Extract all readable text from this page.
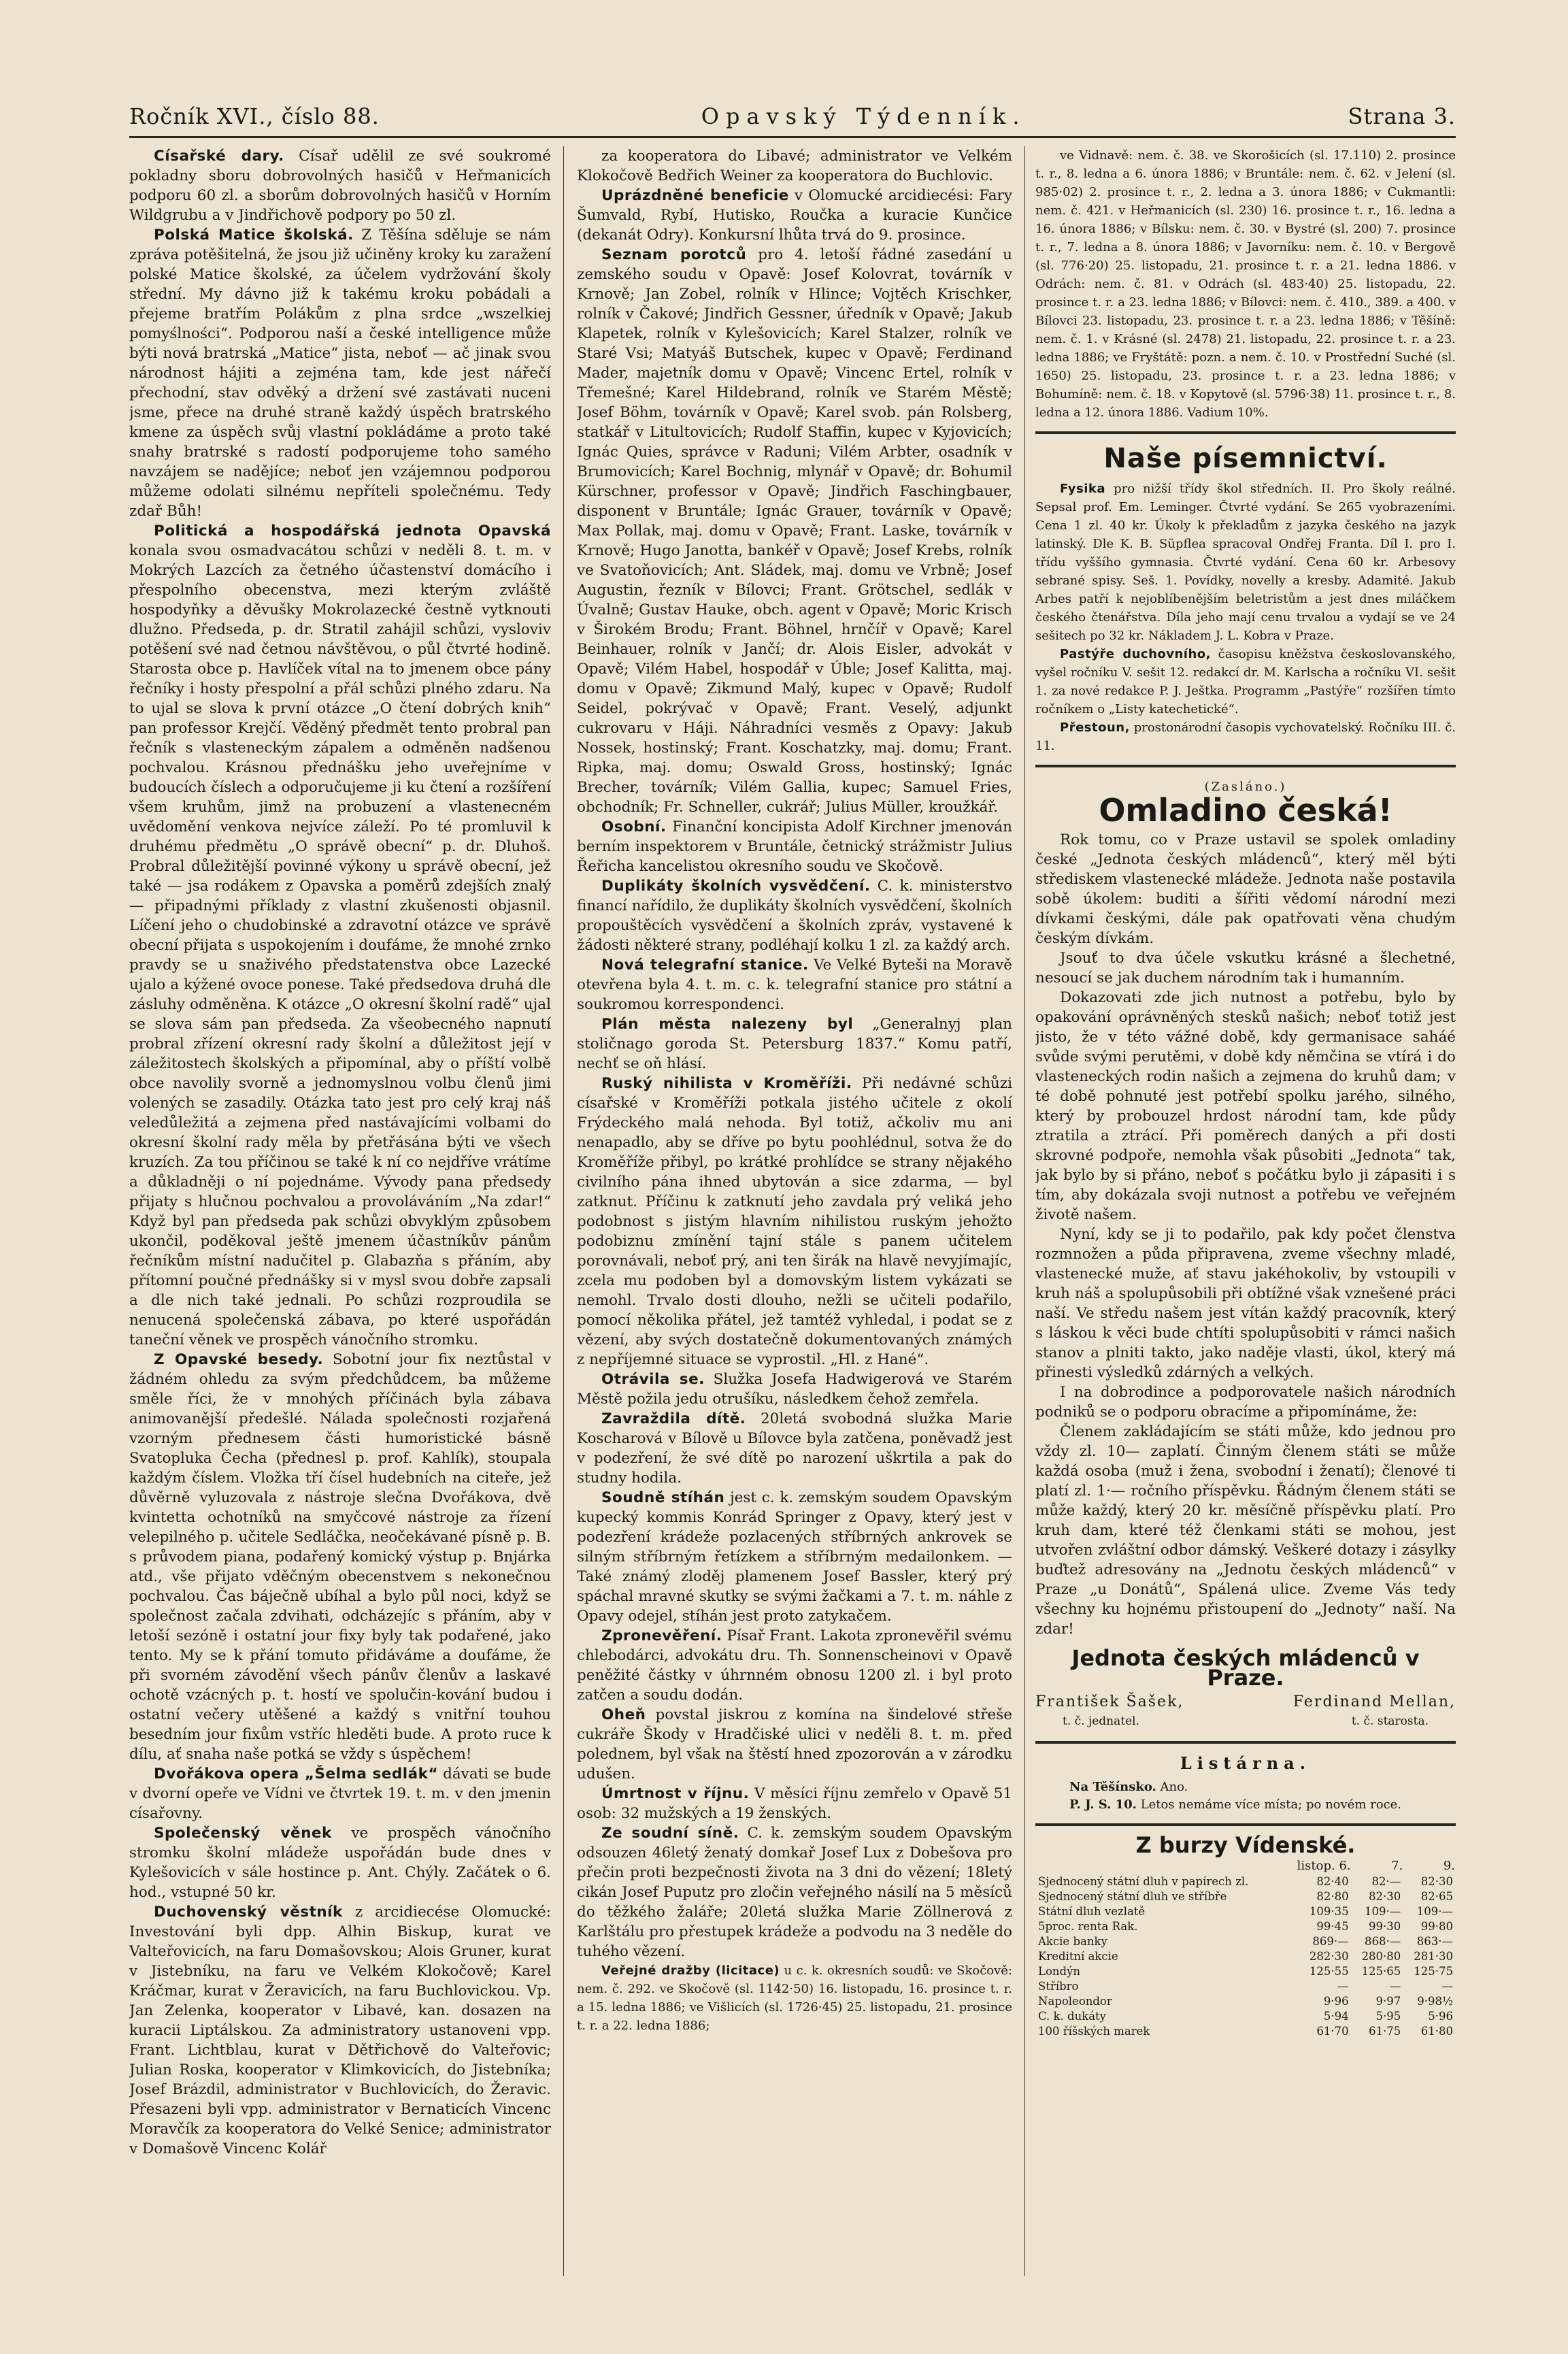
Ročník XVI., číslo 88.	Opavský Týdenník.	Strana 3.

Císařské dary. Císař udělil ze své soukromé pokladny sboru dobrovolných hasičů v Heřmanicích podporu 60 zl. a sborům dobrovolných hasičů v Horním Wildgrubu a v Jindřichově podpory po 50 zl.

Polská Matice školská. Z Těšína sděluje se nám zpráva potěšitelná, že jsou již učiněny kroky ku zaražení polské Matice školské, za účelem vydržování školy střední. My dávno již k takému kroku pobádali a přejeme bratřím Polákům z plna srdce „wszelkiej pomyślności“. Podporou naší a české intelligence může býti nová bratrská „Matice“ jista, neboť — ač jinak svou národnost hájiti a zejména tam, kde jest nářečí přechodní, stav odvěký a držení své zastávati nuceni jsme, přece na druhé straně každý úspěch bratrského kmene za úspěch svůj vlastní pokládáme a proto také snahy bratrské s radostí podporujeme toho samého navzájem se nadějíce; neboť jen vzájemnou podporou můžeme odolati silnému nepříteli společnému. Tedy zdař Bůh!

Politická a hospodářská jednota Opavská konala svou osmadvacátou schůzi v neděli 8. t. m. v Mokrých Lazcích za četného účastenství domácího i přespolního obecenstva, mezi kterým zvláště hospodyňky a děvušky Mokrolazecké čestně vytknouti dlužno. Předseda, p. dr. Stratil zahájil schůzi, vysloviv potěšení své nad četnou návštěvou, o půl čtvrté hodině. Starosta obce p. Havlíček vítal na to jmenem obce pány řečníky i hosty přespolní a přál schůzi plného zdaru. Na to ujal se slova k první otázce „O čtení dobrých knih“ pan professor Krejčí. Věděný předmět tento probral pan řečník s vlasteneckým zápalem a odměněn nadšenou pochvalou. Krásnou přednášku jeho uveřejníme v budoucích číslech a odporučujeme ji ku čtení a rozšíření všem kruhům, jimž na probuzení a vlastenecném uvědomění venkova nejvíce záleží. Po té promluvil k druhému předmětu „O správě obecní“ p. dr. Dluhoš. Probral důležitější povinné výkony u správě obecní, jež také — jsa rodákem z Opavska a poměrů zdejších znalý — připadnými příklady z vlastní zkušenosti objasnil. Líčení jeho o chudobinské a zdravotní otázce ve správě obecní přijata s uspokojením i doufáme, že mnohé zrnko pravdy se u snaživého předstatenstva obce Lazecké ujalo a kýžené ovoce ponese. Také předsedova druhá dle zásluhy odměněna. K otázce „O okresní školní radě“ ujal se slova sám pan předseda. Za všeobecného napnutí probral zřízení okresní rady školní a důležitost její v záležitostech školských a připomínal, aby o příští volbě obce navolily svorně a jednomyslnou volbu členů jimi volených se zasadily. Otázka tato jest pro celý kraj náš veledůležitá a zejmena před nastávajícími volbami do okresní školní rady měla by přetřásána býti ve všech kruzích. Za tou příčinou se také k ní co nejdříve vrátíme a důkladněji o ní pojednáme. Vývody pana předsedy přijaty s hlučnou pochvalou a provoláváním „Na zdar!“ Když byl pan předseda pak schůzi obvyklým způsobem ukončil, poděkoval ještě jmenem účastníkův pánům řečníkům místní nadučitel p. Glabazňa s přáním, aby přítomní poučné přednášky si v mysl svou dobře zapsali a dle nich také jednali. Po schůzi rozproudila se nenucená společenská zábava, po které uspořádán taneční věnek ve prospěch vánočního stromku.

Z Opavské besedy. Sobotní jour fix neztůstal v žádném ohledu za svým předchůdcem, ba můžeme směle říci, že v mnohých příčinách byla zábava animovanější předešlé. Nálada společnosti rozjařená vzorným přednesem části humoristické básně Svatopluka Čecha (přednesl p. prof. Kahlík), stoupala každým číslem. Vložka tří čísel hudebních na citeře, jež důvěrně vyluzovala z nástroje slečna Dvořákova, dvě kvintetta ochotníků na smyčcové nástroje za řízení velepilného p. učitele Sedláčka, neočekávané písně p. B. s průvodem piana, podařený komický výstup p. Bnjárka atd., vše přijato vděčným obecenstvem s nekonečnou pochvalou. Čas báječně ubíhal a bylo půl noci, když se společnost začala zdvihati, odcházejíc s přáním, aby v letoší sezóně i ostatní jour fixy byly tak podařené, jako tento. My se k přání tomuto přidáváme a doufáme, že při svorném závodění všech pánův členův a laskavé ochotě vzácných p. t. hostí ve spolučin-kování budou i ostatní večery utěšené a každý s vnitřní touhou besedním jour fixům vstříc hleděti bude. A proto ruce k dílu, ať snaha naše potká se vždy s úspěchem!

Dvořákova opera „Šelma sedlák“ dávati se bude v dvorní opeře ve Vídni ve čtvrtek 19. t. m. v den jmenin císařovny.

Společenský věnek ve prospěch vánočního stromku školní mládeže uspořádán bude dnes v Kylešovicích v sále hostince p. Ant. Chýly. Začátek o 6. hod., vstupné 50 kr.

Duchovenský věstník z arcidiecése Olomucké: Investování byli dpp. Alhin Biskup, kurat ve Valteřovicích, na faru Domašovskou; Alois Gruner, kurat v Jistebníku, na faru ve Velkém Klokočově; Karel Kráčmar, kurat v Žeravicích, na faru Buchlovickou. Vp. Jan Zelenka, kooperator v Libavé, kan. dosazen na kuracii Liptálskou. Za administratory ustanoveni vpp. Frant. Lichtblau, kurat v Dětřichově do Valteřovic; Julian Roska, kooperator v Klimkovicích, do Jistebníka; Josef Brázdil, administrator v Buchlovicích, do Žeravic. Přesazeni byli vpp. administrator v Bernaticích Vincenc Moravčík za kooperatora do Velké Senice; administrator v Domašově Vincenc Kolář

za kooperatora do Libavé; administrator ve Velkém Klokočově Bedřich Weiner za kooperatora do Buchlovic.

Uprázdněné beneficie v Olomucké arcidiecési: Fary Šumvald, Rybí, Hutisko, Roučka a kuracie Kunčice (dekanát Odry). Konkursní lhůta trvá do 9. prosince.

Seznam porotců pro 4. letoší řádné zasedání u zemského soudu v Opavě: Josef Kolovrat, továrník v Krnově; Jan Zobel, rolník v Hlince; Vojtěch Krischker, rolník v Čakové; Jindřich Gessner, úředník v Opavě; Jakub Klapetek, rolník v Kylešovicích; Karel Stalzer, rolník ve Staré Vsi; Matyáš Butschek, kupec v Opavě; Ferdinand Mader, majetník domu v Opavě; Vincenc Ertel, rolník v Třemešné; Karel Hildebrand, rolník ve Starém Městě; Josef Böhm, továrník v Opavě; Karel svob. pán Rolsberg, statkář v Litultovicích; Rudolf Staffin, kupec v Kyjovicích; Ignác Quies, správce v Raduni; Vilém Arbter, osadník v Brumovicích; Karel Bochnig, mlynář v Opavě; dr. Bohumil Kürschner, professor v Opavě; Jindřich Faschingbauer, disponent v Bruntále; Ignác Grauer, továrník v Opavě; Max Pollak, maj. domu v Opavě; Frant. Laske, továrník v Krnově; Hugo Janotta, bankéř v Opavě; Josef Krebs, rolník ve Svatoňovicích; Ant. Sládek, maj. domu ve Vrbně; Josef Augustin, řezník v Bílovci; Frant. Grötschel, sedlák v Úvalně; Gustav Hauke, obch. agent v Opavě; Moric Krisch v Širokém Brodu; Frant. Böhnel, hrnčíř v Opavě; Karel Beinhauer, rolník v Jančí; dr. Alois Eisler, advokát v Opavě; Vilém Habel, hospodář v Úble; Josef Kalitta, maj. domu v Opavě; Zikmund Malý, kupec v Opavě; Rudolf Seidel, pokrývač v Opavě; Frant. Veselý, adjunkt cukrovaru v Háji. Náhradníci vesměs z Opavy: Jakub Nossek, hostinský; Frant. Koschatzky, maj. domu; Frant. Ripka, maj. domu; Oswald Gross, hostinský; Ignác Brecher, továrník; Vilém Gallia, kupec; Samuel Fries, obchodník; Fr. Schneller, cukrář; Julius Müller, kroužkář.

Osobní. Finanční koncipista Adolf Kirchner jmenován berním inspektorem v Bruntále, četnický strážmistr Julius Řeřicha kancelistou okresního soudu ve Skočově.

Duplikáty školních vysvědčení. C. k. ministerstvo financí nařídilo, že duplikáty školních vysvědčení, školních propouštěcích vysvědčení a školních zpráv, vystavené k žádosti některé strany, podléhají kolku 1 zl. za každý arch.

Nová telegrafní stanice. Ve Velké Byteši na Moravě otevřena byla 4. t. m. c. k. telegrafní stanice pro státní a soukromou korrespondenci.

Plán města nalezeny byl „Generalnyj plan stoličnago goroda St. Petersburg 1837.“ Komu patří, nechť se oň hlásí.

Ruský nihilista v Kroměříži. Při nedávné schůzi císařské v Kroměříži potkala jistého učitele z okolí Frýdeckého malá nehoda. Byl totiž, ačkoliv mu ani nenapadlo, aby se dříve po bytu poohlédnul, sotva že do Kroměříže přibyl, po krátké prohlídce se strany nějakého civilního pána ihned ubytován a sice zdarma, — byl zatknut. Příčinu k zatknutí jeho zavdala prý veliká jeho podobnost s jistým hlavním nihilistou ruským jehožto podobiznu zmínění tajní stále s panem učitelem porovnávali, neboť prý, ani ten širák na hlavě nevyjímajíc, zcela mu podoben byl a domovským listem vykázati se nemohl. Trvalo dosti dlouho, nežli se učiteli podařilo, pomocí několika přátel, jež tamtéž vyhledal, i podat se z vězení, aby svých dostatečně dokumentovaných známých z nepříjemné situace se vyprostil. „Hl. z Hané“.

Otrávila se. Služka Josefa Hadwigerová ve Starém Městě požila jedu otrušíku, následkem čehož zemřela.

Zavraždila dítě. 20letá svobodná služka Marie Koscharová v Bílově u Bílovce byla zatčena, poněvadž jest v podezření, že své dítě po narození uškrtila a pak do studny hodila.

Soudně stíhán jest c. k. zemským soudem Opavským kupecký kommis Konrád Springer z Opavy, který jest v podezření krádeže pozlacených stříbrných ankrovek se silným stříbrným řetízkem a stříbrným medailonkem. — Také známý zloděj plamenem Josef Bassler, který prý spáchal mravné skutky se svými žačkami a 7. t. m. náhle z Opavy odejel, stíhán jest proto zatykačem.

Zpronevěření. Písař Frant. Lakota zpronevěřil svému chlebodárci, advokátu dru. Th. Sonnenscheinovi v Opavě peněžité částky v úhrnném obnosu 1200 zl. i byl proto zatčen a soudu dodán.

Oheň povstal jiskrou z komína na šindelové střeše cukráře Škody v Hradčiské ulici v neděli 8. t. m. před polednem, byl však na štěstí hned zpozorován a v zárodku udušen.

Úmrtnost v říjnu. V měsíci říjnu zemřelo v Opavě 51 osob: 32 mužských a 19 ženských.

Ze soudní síně. C. k. zemským soudem Opavským odsouzen 46letý ženatý domkař Josef Lux z Dobešova pro přečin proti bezpečnosti života na 3 dni do vězení; 18letý cikán Josef Puputz pro zločin veřejného násilí na 5 měsíců do těžkého žaláře; 20letá služka Marie Zöllnerová z Karlštálu pro přestupek krádeže a podvodu na 3 neděle do tuhého vězení.

Veřejné dražby (licitace) u c. k. okresních soudů: ve Skočově: nem. č. 292. ve Skočově (sl. 1142·50) 16. listopadu, 16. prosince t. r. a 15. ledna 1886; ve Višlicích (sl. 1726·45) 25. listopadu, 21. prosince t. r. a 22. ledna 1886;

ve Vidnavě: nem. č. 38. ve Skorošicích (sl. 17.110) 2. prosince t. r., 8. ledna a 6. února 1886; v Bruntále: nem. č. 62. v Jelení (sl. 985·02) 2. prosince t. r., 2. ledna a 3. února 1886; v Cukmantli: nem. č. 421. v Heřmanicích (sl. 230) 16. prosince t. r., 16. ledna a 16. února 1886; v Bílsku: nem. č. 30. v Bystré (sl. 200) 7. prosince t. r., 7. ledna a 8. února 1886; v Javorníku: nem. č. 10. v Bergově (sl. 776·20) 25. listopadu, 21. prosince t. r. a 21. ledna 1886. v Odrách: nem. č. 81. v Odrách (sl. 483·40) 25. listopadu, 22. prosince t. r. a 23. ledna 1886; v Bílovci: nem. č. 410., 389. a 400. v Bílovci 23. listopadu, 23. prosince t. r. a 23. ledna 1886; v Těšíně: nem. č. 1. v Krásné (sl. 2478) 21. listopadu, 22. prosince t. r. a 23. ledna 1886; ve Fryštátě: pozn. a nem. č. 10. v Prostřední Suché (sl. 1650) 25. listopadu, 23. prosince t. r. a 23. ledna 1886; v Bohumíně: nem. č. 18. v Kopytově (sl. 5796·38) 11. prosince t. r., 8. ledna a 12. února 1886. Vadium 10%.

Naše písemnictví.

Fysika pro nižší třídy škol středních. II. Pro školy reálné. Sepsal prof. Em. Leminger. Čtvrté vydání. Se 265 vyobrazeními. Cena 1 zl. 40 kr. Úkoly k překladům z jazyka českého na jazyk latinský. Dle K. B. Süpflea spracoval Ondřej Franta. Díl I. pro I. třídu vyššího gymnasia. Čtvrté vydání. Cena 60 kr. Arbesovy sebrané spisy. Seš. 1. Povídky, novelly a kresby. Adamité. Jakub Arbes patří k nejoblíbenějším beletristům a jest dnes miláčkem českého čtenářstva. Díla jeho mají cenu trvalou a vydají se ve 24 sešitech po 32 kr. Nákladem J. L. Kobra v Praze.

Pastýře duchovního, časopisu kněžstva českoslovanského, vyšel ročníku V. sešit 12. redakcí dr. M. Karlscha a ročníku VI. sešit 1. za nové redakce P. J. Ještka. Programm „Pastýře“ rozšířen tímto ročníkem o „Listy katechetické“.

Přestoun, prostonárodní časopis vychovatelský. Ročníku III. č. 11.

(Zasláno.)
Omladino česká!

Rok tomu, co v Praze ustavil se spolek omladiny české „Jednota českých mládenců“, který měl býti střediskem vlastenecké mládeže. Jednota naše postavila sobě úkolem: buditi a šířiti vědomí národní mezi dívkami českými, dále pak opatřovati věna chudým českým dívkám.

Jsouť to dva účele vskutku krásné a šlechetné, nesoucí se jak duchem národním tak i humanním.

Dokazovati zde jich nutnost a potřebu, bylo by opakování oprávněných stesků našich; neboť totiž jest jisto, že v této vážné době, kdy germanisace saháé svůde svými perutěmi, v době kdy němčina se vtírá i do vlasteneckých rodin našich a zejmena do kruhů dam; v té době pohnuté jest potřebí spolku jarého, silného, který by probouzel hrdost národní tam, kde půdy ztratila a ztrácí. Při poměrech daných a při dosti skrovné podpoře, nemohla však působiti „Jednota“ tak, jak bylo by si přáno, neboť s počátku bylo ji zápasiti i s tím, aby dokázala svoji nutnost a potřebu ve veřejném životě našem.

Nyní, kdy se ji to podařilo, pak kdy počet členstva rozmnožen a půda připravena, zveme všechny mladé, vlastenecké muže, ať stavu jakéhokoliv, by vstoupili v kruh náš a spolupůsobili při obtížné však vznešené práci naší. Ve středu našem jest vítán každý pracovník, který s láskou k věci bude chtíti spolupůsobiti v rámci našich stanov a plniti takto, jako naděje vlasti, úkol, který má přinesti výsledků zdárných a velkých.

I na dobrodince a podporovatele našich národních podniků se o podporu obracíme a připomínáme, že:

Členem zakládajícím se státi může, kdo jednou pro vždy zl. 10— zaplatí. Činným členem státi se může každá osoba (muž i žena, svobodní i ženatí); členové ti platí zl. 1·— ročního příspěvku. Řádným členem státi se může každý, který 20 kr. měsíčně příspěvku platí. Pro kruh dam, které též členkami státi se mohou, jest utvořen zvláštní odbor dámský. Veškeré dotazy i zásylky buďtež adresovány na „Jednotu českých mládenců“ v Praze „u Donátů“, Spálená ulice. Zveme Vás tedy všechny ku hojnému přistoupení do „Jednoty“ naší. Na zdar!

Jednota českých mládenců v Praze.
František Šašek,	Ferdinand Mellan,
t. č. jednatel.	t. č. starosta.
Listárna.
Na Těšínsko. Ano.
P. J. S. 10. Letos nemáme více místa; po novém roce.
Z burzy Vídenské.
	listop. 6.	7.	9.
Sjednocený státní dluh v papírech zl.	82·40	82·—	82·30
Sjednocený státní dluh ve stříbře	82·80	82·30	82·65
Státní dluh vezlatě	109·35	109·—	109·—
5proc. renta Rak.	99·45	99·30	99·80
Akcie banky	869·—	868·—	863·—
Kreditní akcie	282·30	280·80	281·30
Londýn	125·55	125·65	125·75
Stříbro	—	—	—
Napoleondor	9·96	9·97	9·98½
C. k. dukáty	5·94	5·95	5·96
100 říšských marek	61·70	61·75	61·80
